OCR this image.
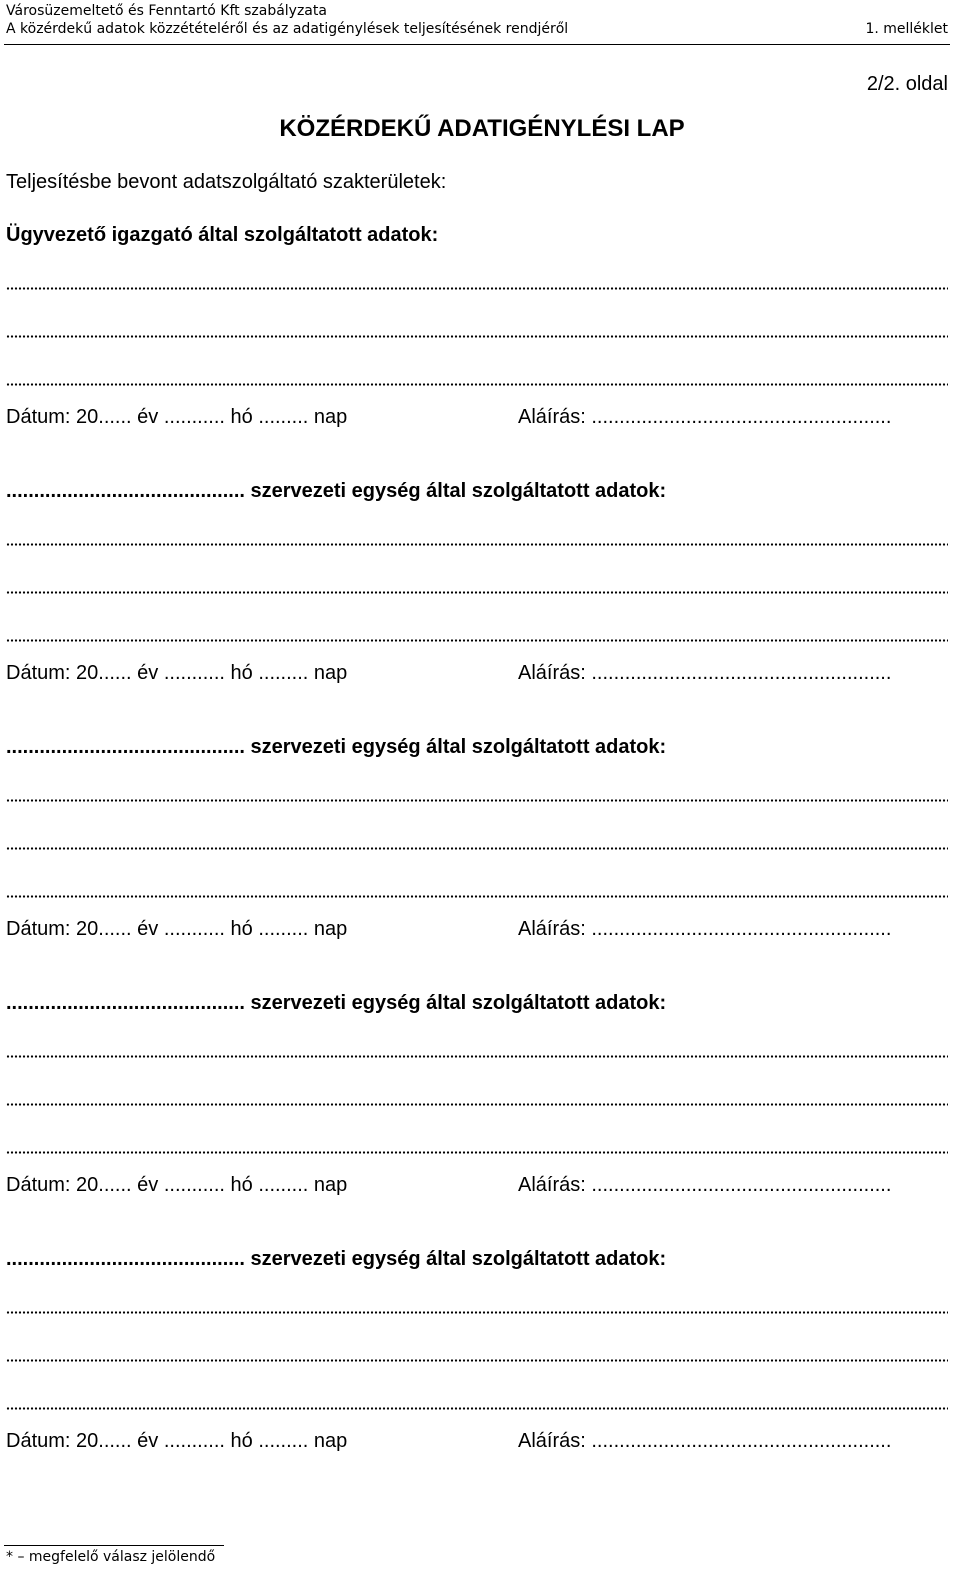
Városüzemeltető és Fenntartó Kft szabályzata
A közérdekű adatok közzétételéről és az adatigénylések teljesítésének rendjéről	1. melléklet
2/2. oldal
KÖZÉRDEKŰ ADATIGÉNYLÉSI LAP
Teljesítésbe bevont adatszolgáltató szakterületek:
Ügyvezető igazgató által szolgáltatott adatok:
Dátum: 20...... év ........... hó ......... nap	Aláírás: ......................................................
........................................... szervezeti egység által szolgáltatott adatok:
Dátum: 20...... év ........... hó ......... nap	Aláírás: ......................................................
........................................... szervezeti egység által szolgáltatott adatok:
Dátum: 20...... év ........... hó ......... nap	Aláírás: ......................................................
........................................... szervezeti egység által szolgáltatott adatok:
Dátum: 20...... év ........... hó ......... nap	Aláírás: ......................................................
........................................... szervezeti egység által szolgáltatott adatok:
Dátum: 20...... év ........... hó ......... nap	Aláírás: ......................................................
* – megfelelő válasz jelölendő
